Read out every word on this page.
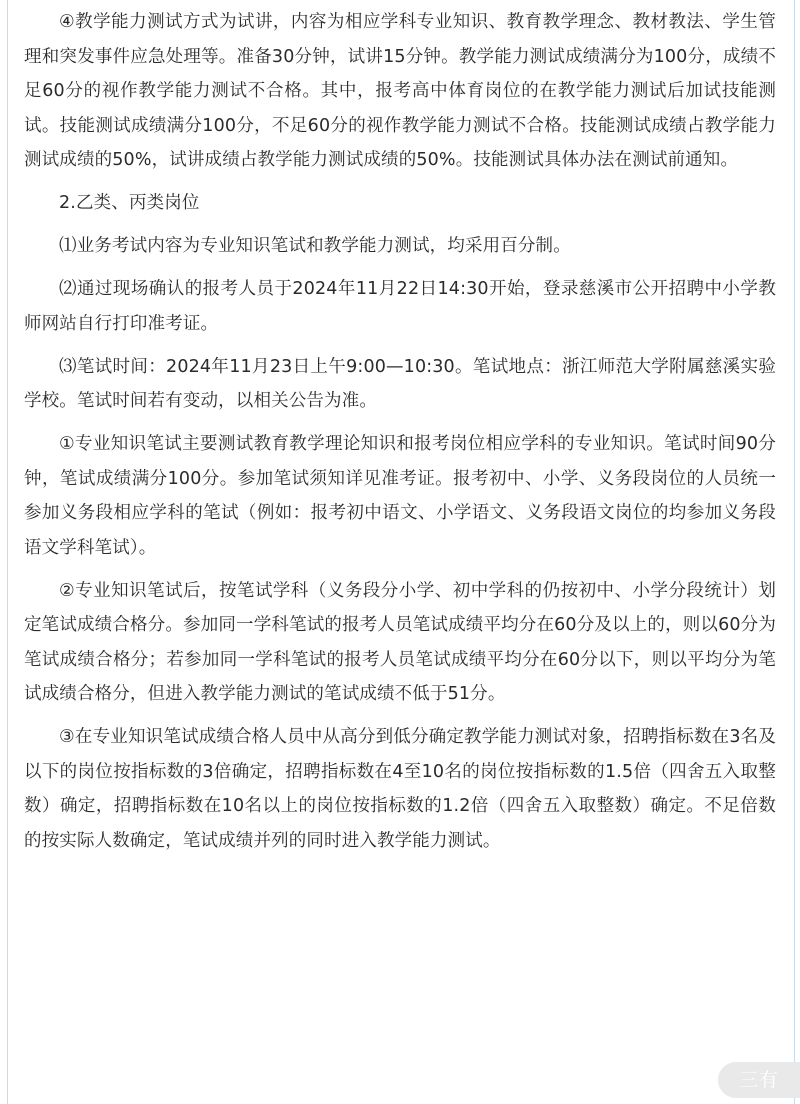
④教学能力测试方式为试讲，内容为相应学科专业知识、教育教学理念、教材教法、学生管理和突发事件应急处理等。准备30分钟，试讲15分钟。教学能力测试成绩满分为100分，成绩不足60分的视作教学能力测试不合格。其中，报考高中体育岗位的在教学能力测试后加试技能测试。技能测试成绩满分100分，不足60分的视作教学能力测试不合格。技能测试成绩占教学能力测试成绩的50%，试讲成绩占教学能力测试成绩的50%。技能测试具体办法在测试前通知。

2.乙类、丙类岗位

⑴业务考试内容为专业知识笔试和教学能力测试，均采用百分制。

⑵通过现场确认的报考人员于2024年11月22日14:30开始，登录慈溪市公开招聘中小学教师网站自行打印准考证。

⑶笔试时间：2024年11月23日上午9:00—10:30。笔试地点：浙江师范大学附属慈溪实验学校。笔试时间若有变动，以相关公告为准。

①专业知识笔试主要测试教育教学理论知识和报考岗位相应学科的专业知识。笔试时间90分钟，笔试成绩满分100分。参加笔试须知详见准考证。报考初中、小学、义务段岗位的人员统一参加义务段相应学科的笔试（例如：报考初中语文、小学语文、义务段语文岗位的均参加义务段语文学科笔试）。

②专业知识笔试后，按笔试学科（义务段分小学、初中学科的仍按初中、小学分段统计）划定笔试成绩合格分。参加同一学科笔试的报考人员笔试成绩平均分在60分及以上的，则以60分为笔试成绩合格分；若参加同一学科笔试的报考人员笔试成绩平均分在60分以下，则以平均分为笔试成绩合格分，但进入教学能力测试的笔试成绩不低于51分。

③在专业知识笔试成绩合格人员中从高分到低分确定教学能力测试对象，招聘指标数在3名及以下的岗位按指标数的3倍确定，招聘指标数在4至10名的岗位按指标数的1.5倍（四舍五入取整数）确定，招聘指标数在10名以上的岗位按指标数的1.2倍（四舍五入取整数）确定。不足倍数的按实际人数确定，笔试成绩并列的同时进入教学能力测试。

三有
